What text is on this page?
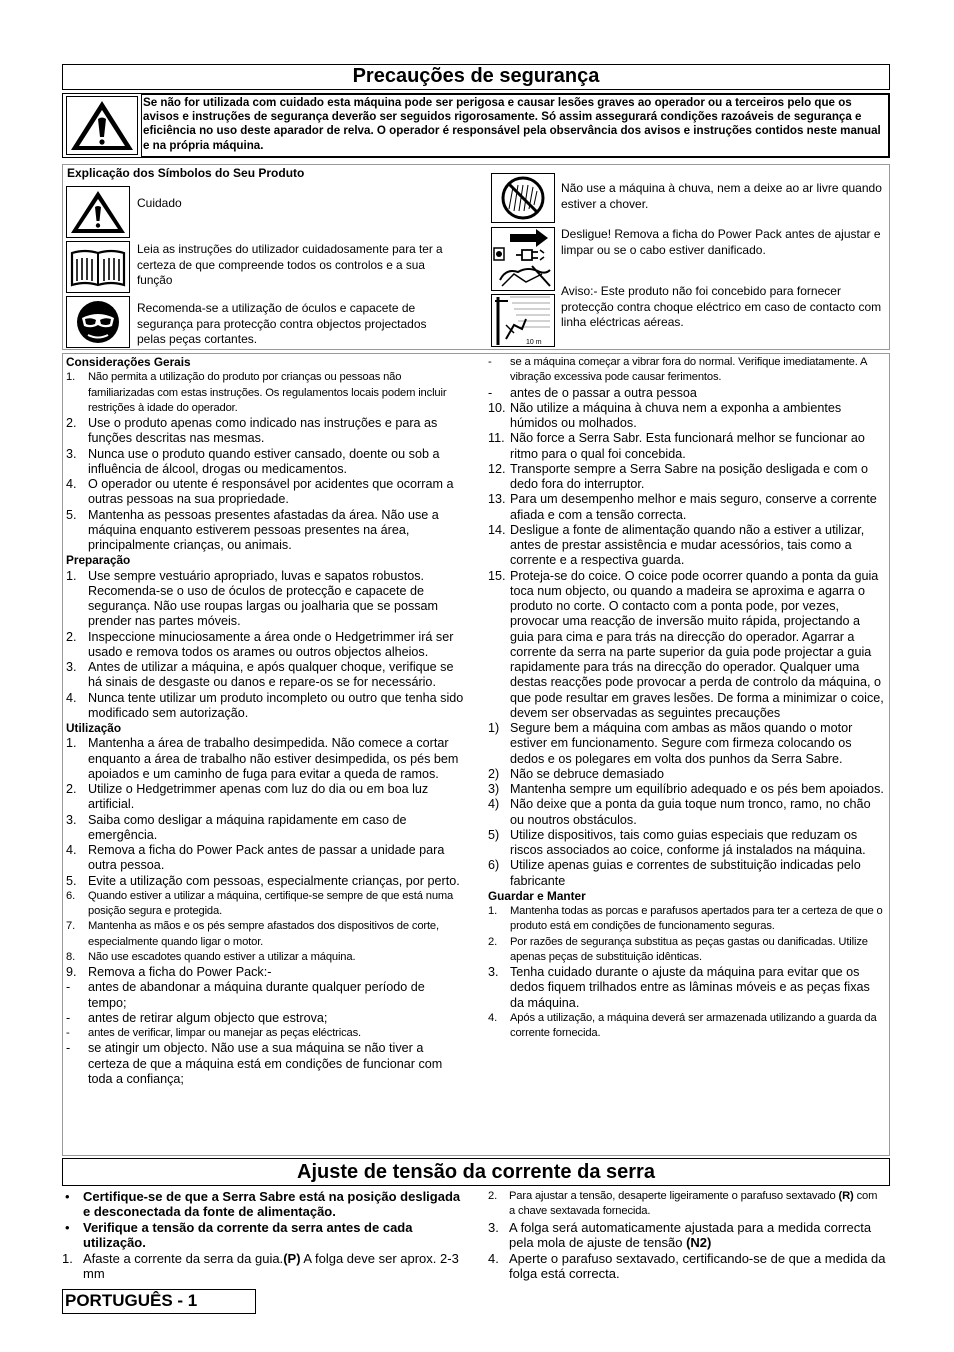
Precauções de segurança
Se não for utilizada com cuidado esta máquina pode ser perigosa e causar lesões graves ao operador ou a terceiros pelo que os avisos e instruções de segurança deverão ser seguidos rigorosamente. Só assim assegurará condições razoáveis de segurança e eficiência no uso deste aparador de relva. O operador é responsável pela observância dos avisos e instruções contidos neste manual e na própria máquina.
Explicação dos Símbolos do Seu Produto
Cuidado
Leia as instruções do utilizador cuidadosamente para ter a certeza de que compreende todos os controlos e a sua função
Recomenda-se a utilização de óculos e capacete de segurança para protecção contra objectos projectados pelas peças cortantes.
Não use a máquina à chuva, nem a deixe ao ar livre quando estiver a chover.
Desligue! Remova a ficha do Power Pack antes de ajustar e limpar ou se o cabo estiver danificado.
10 m
Aviso:- Este produto não foi concebido para fornecer protecção contra choque eléctrico em caso de contacto com linha eléctricas aéreas.
Considerações Gerais
1. Não permita a utilização do produto por crianças ou pessoas não familiarizadas com estas instruções. Os regulamentos locais podem incluir restrições à idade do operador.
2. Use o produto apenas como indicado nas instruções e para as funções descritas nas mesmas.
3. Nunca use o produto quando estiver cansado, doente ou sob a influência de álcool, drogas ou medicamentos.
4. O operador ou utente é responsável por acidentes que ocorram a outras pessoas na sua propriedade.
5. Mantenha as pessoas presentes afastadas da área. Não use a máquina enquanto estiverem pessoas presentes na área, principalmente crianças, ou animais.
Preparação
1. Use sempre vestuário apropriado, luvas e sapatos robustos. Recomenda-se o uso de óculos de protecção e capacete de segurança. Não use roupas largas ou joalharia que se possam prender nas partes móveis.
2. Inspeccione minuciosamente a área onde o Hedgetrimmer irá ser usado e remova todos os arames ou outros objectos alheios.
3. Antes de utilizar a máquina, e após qualquer choque, verifique se há sinais de desgaste ou danos e repare-os se for necessário.
4. Nunca tente utilizar um produto incompleto ou outro que tenha sido modificado sem autorização.
Utilização
1. Mantenha a área de trabalho desimpedida. Não comece a cortar enquanto a área de trabalho não estiver desimpedida, os pés bem apoiados e um caminho de fuga para evitar a queda de ramos.
2. Utilize o Hedgetrimmer apenas com luz do dia ou em boa luz artificial.
3. Saiba como desligar a máquina rapidamente em caso de emergência.
4. Remova a ficha do Power Pack antes de passar a unidade para outra pessoa.
5. Evite a utilização com pessoas, especialmente crianças, por perto.
6. Quando estiver a utilizar a máquina, certifique-se sempre de que está numa posição segura e protegida.
7. Mantenha as mãos e os pés sempre afastados dos dispositivos de corte, especialmente quando ligar o motor.
8. Não use escadotes quando estiver a utilizar a máquina.
9. Remova a ficha do Power Pack:-
- antes de abandonar a máquina durante qualquer período de tempo;
- antes de retirar algum objecto que estrova;
- antes de verificar, limpar ou manejar as peças eléctricas.
- se atingir um objecto. Não use a sua máquina se não tiver a certeza de que a máquina está em condições de funcionar com toda a confiança;
- se a máquina começar a vibrar fora do normal. Verifique imediatamente. A vibração excessiva pode causar ferimentos.
- antes de o passar a outra pessoa
10. Não utilize a máquina à chuva nem a exponha a ambientes húmidos ou molhados.
11. Não force a Serra Sabr. Esta funcionará melhor se funcionar ao ritmo para o qual foi concebida.
12. Transporte sempre a Serra Sabre na posição desligada e com o dedo fora do interruptor.
13. Para um desempenho melhor e mais seguro, conserve a corrente afiada e com a tensão correcta.
14. Desligue a fonte de alimentação quando não a estiver a utilizar, antes de prestar assistência e mudar acessórios, tais como a corrente e a respectiva guarda.
15. Proteja-se do coice. O coice pode ocorrer quando a ponta da guia toca num objecto, ou quando a madeira se aproxima e agarra o produto no corte. O contacto com a ponta pode, por vezes, provocar uma reacção de inversão muito rápida, projectando a guia para cima e para trás na direcção do operador. Agarrar a corrente da serra na parte superior da guia pode projectar a guia rapidamente para trás na direcção do operador. Qualquer uma destas reacções pode provocar a perda de controlo da máquina, o que pode resultar em graves lesões. De forma a minimizar o coice, devem ser observadas as seguintes precauções
1) Segure bem a máquina com ambas as mãos quando o motor estiver em funcionamento. Segure com firmeza colocando os dedos e os polegares em volta dos punhos da Serra Sabre.
2) Não se debruce demasiado
3) Mantenha sempre um equilíbrio adequado e os pés bem apoiados.
4) Não deixe que a ponta da guia toque num tronco, ramo, no chão ou noutros obstáculos.
5) Utilize dispositivos, tais como guias especiais que reduzam os riscos associados ao coice, conforme já instalados na máquina.
6) Utilize apenas guias e correntes de substituição indicadas pelo fabricante
Guardar e Manter
1. Mantenha todas as porcas e parafusos apertados para ter a certeza de que o produto está em condições de funcionamento seguras.
2. Por razões de segurança substitua as peças gastas ou danificadas. Utilize apenas peças de substituição idênticas.
3. Tenha cuidado durante o ajuste da máquina para evitar que os dedos fiquem trilhados entre as lâminas móveis e as peças fixas da máquina.
4. Após a utilização, a máquina deverá ser armazenada utilizando a guarda da corrente fornecida.
Ajuste de tensão da corrente da serra
• Certifique-se de que a Serra Sabre está na posição desligada e desconectada da fonte de alimentação.
• Verifique a tensão da corrente da serra antes de cada utilização.
1. Afaste a corrente da serra da guia.(P) A folga deve ser aprox. 2-3 mm
2. Para ajustar a tensão, desaperte ligeiramente o parafuso sextavado (R) com a chave sextavada fornecida.
3. A folga será automaticamente ajustada para a medida correcta pela mola de ajuste de tensão (N2)
4. Aperte o parafuso sextavado, certificando-se de que a medida da folga está correcta.
PORTUGUÊS - 1
